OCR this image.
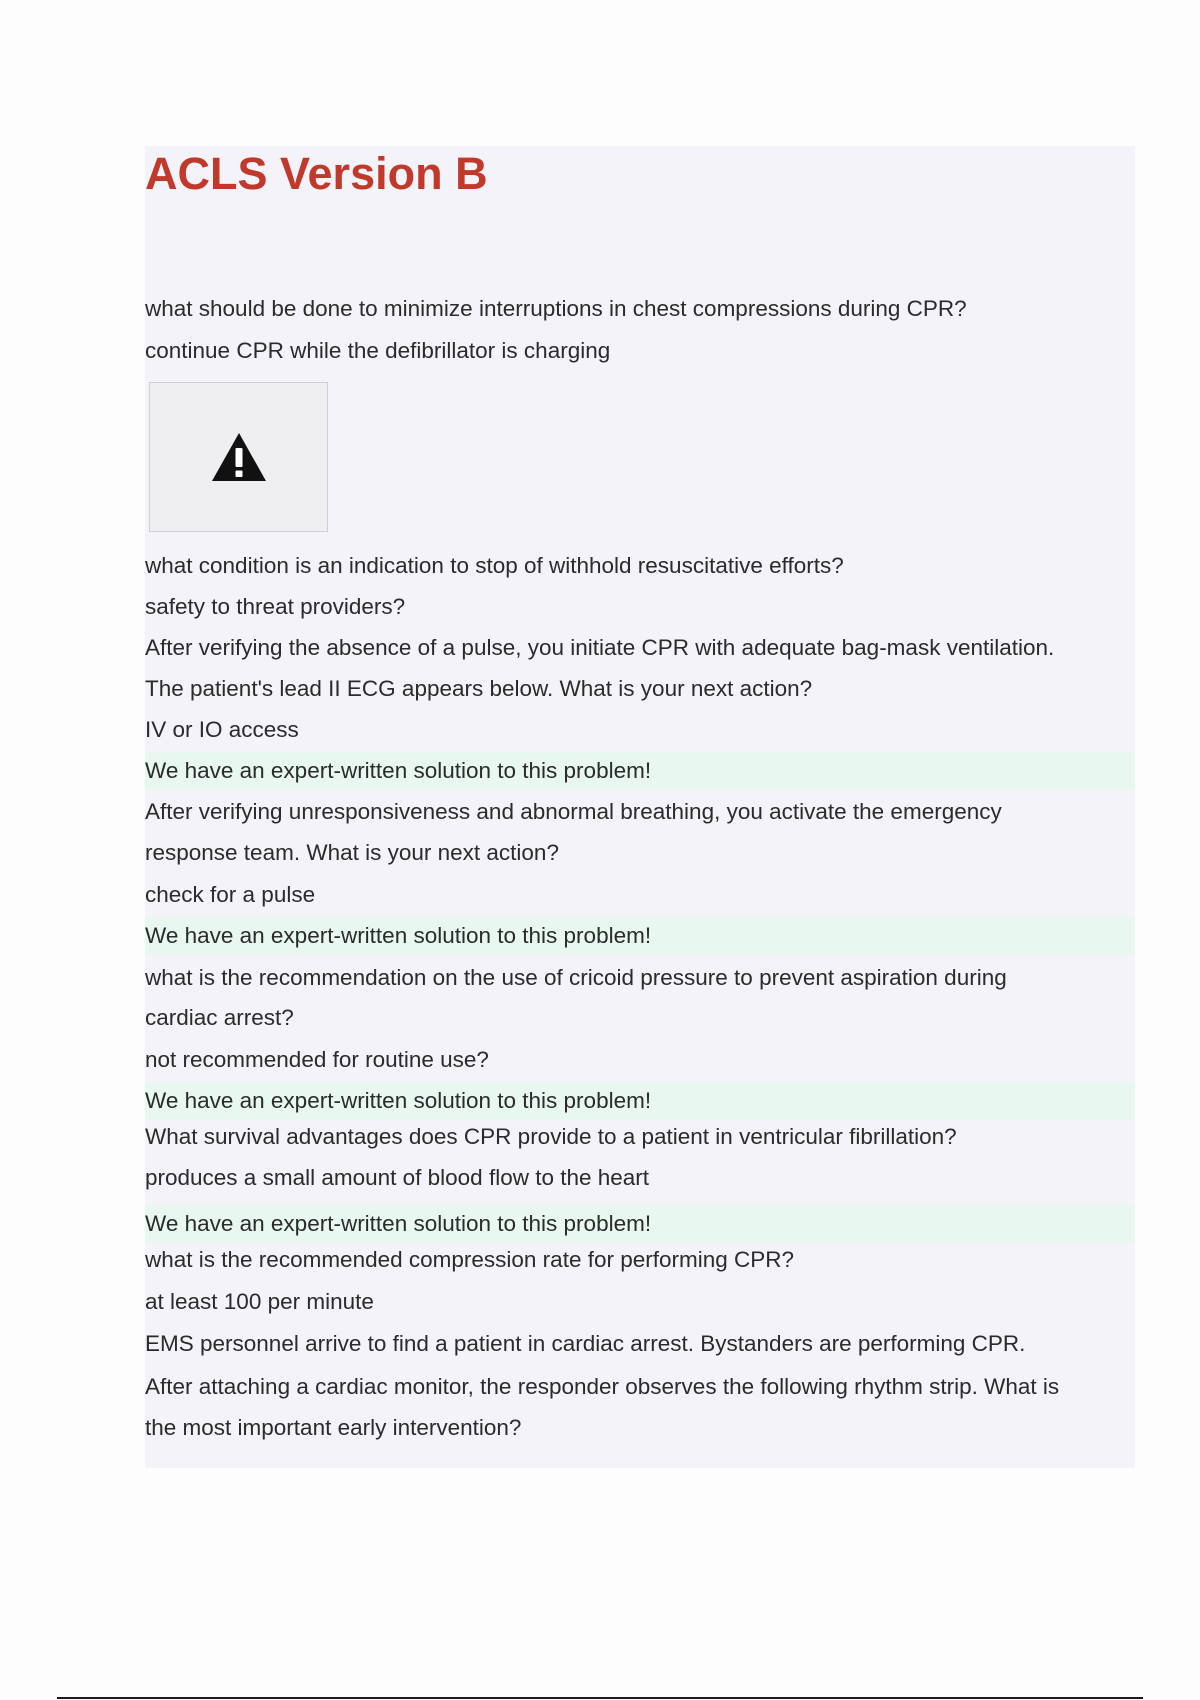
ACLS Version B
what should be done to minimize interruptions in chest compressions during CPR?
continue CPR while the defibrillator is charging
what condition is an indication to stop of withhold resuscitative efforts?
safety to threat providers?
After verifying the absence of a pulse, you initiate CPR with adequate bag-mask ventilation.
The patient's lead II ECG appears below. What is your next action?
IV or IO access
We have an expert-written solution to this problem!
After verifying unresponsiveness and abnormal breathing, you activate the emergency
response team. What is your next action?
check for a pulse
We have an expert-written solution to this problem!
what is the recommendation on the use of cricoid pressure to prevent aspiration during
cardiac arrest?
not recommended for routine use?
We have an expert-written solution to this problem!
What survival advantages does CPR provide to a patient in ventricular fibrillation?
produces a small amount of blood flow to the heart
We have an expert-written solution to this problem!
what is the recommended compression rate for performing CPR?
at least 100 per minute
EMS personnel arrive to find a patient in cardiac arrest. Bystanders are performing CPR.
After attaching a cardiac monitor, the responder observes the following rhythm strip. What is
the most important early intervention?
